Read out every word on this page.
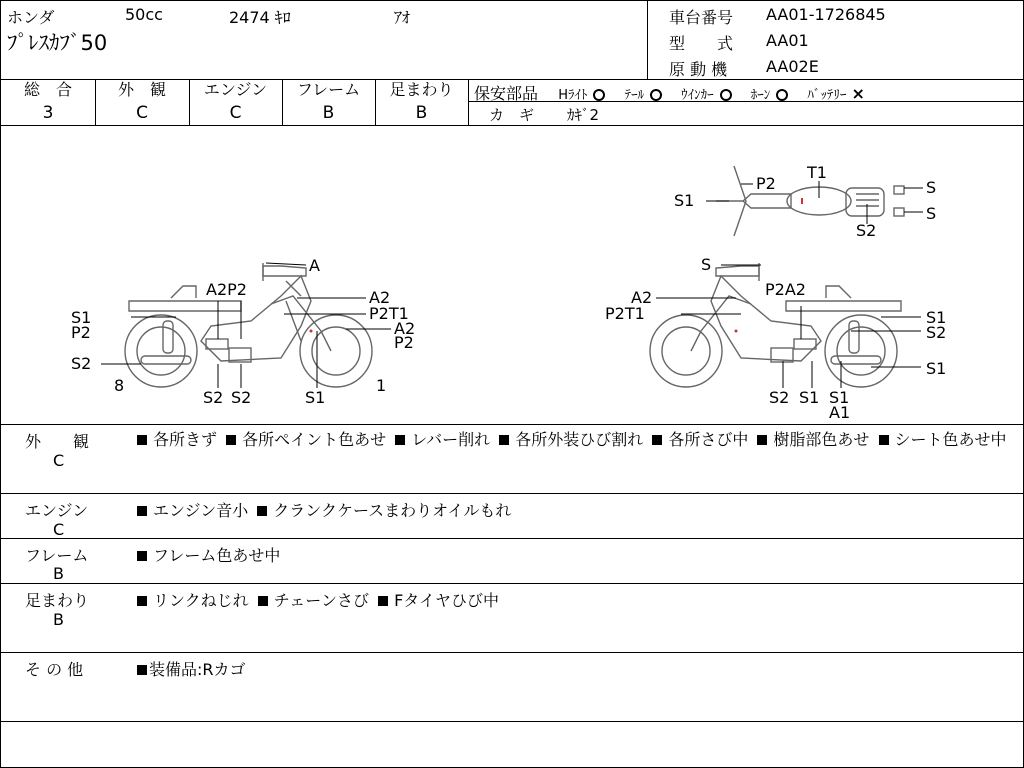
ホンダ	50cc	2474 ｷﾛ	ｱｵ
ﾌﾟﾚｽｶﾌﾞ50
車台番号 AA01-1726845
型　　式 AA01
原 動 機 AA02E
総　合
3
外　観
C
エンジン
C
フレーム
B
足まわり
B
保安部品 Hﾗｲﾄ	ﾃｰﾙ	ｳｲﾝｶｰ	ﾎｰﾝ	ﾊﾞｯﾃﾘｰ ×
カ　ギ ｶｷﾞ2
P2
T1
S1
S
S
S2
A
A2P2	A2
P2T1
A2
P2
S1
P2
S2
8
S2 S2	S1
1
S
A2	P2A2
P2T1	S1
S2
S1
S2 S1 S1
A1
外　　観
C
各所きず 各所ペイント色あせ レバー削れ 各所外装ひび割れ 各所さび中 樹脂部色あせ シート色あせ中
エンジン
C
エンジン音小 クランクケースまわりオイルもれ
フレーム
B
フレーム色あせ中
足まわり
B
リンクねじれ チェーンさび Fタイヤひび中
そ の 他	装備品:Rカゴ
